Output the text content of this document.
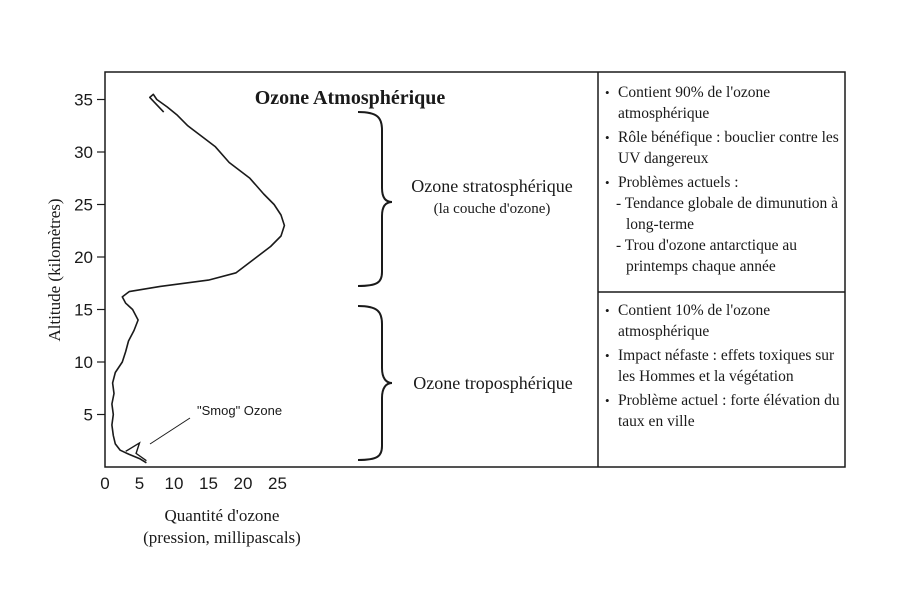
Ozone Atmosphérique
5
10
15
20
25
30
35
0 5 10 15 20 25
Altitude (kilomètres)
Quantité d'ozone
(pression, millipascals)
"Smog" Ozone
Ozone stratosphérique
(la couche d'ozone)
Ozone troposphérique
• Contient 90% de l'ozone atmosphérique
• Rôle bénéfique : bouclier contre les UV dangereux
• Problèmes actuels :
- Tendance globale de dimunution à long-terme
- Trou d'ozone antarctique au printemps chaque année
• Contient 10% de l'ozone atmosphérique
• Impact néfaste : effets toxiques sur les Hommes et la végétation
• Problème actuel : forte élévation du taux en ville
